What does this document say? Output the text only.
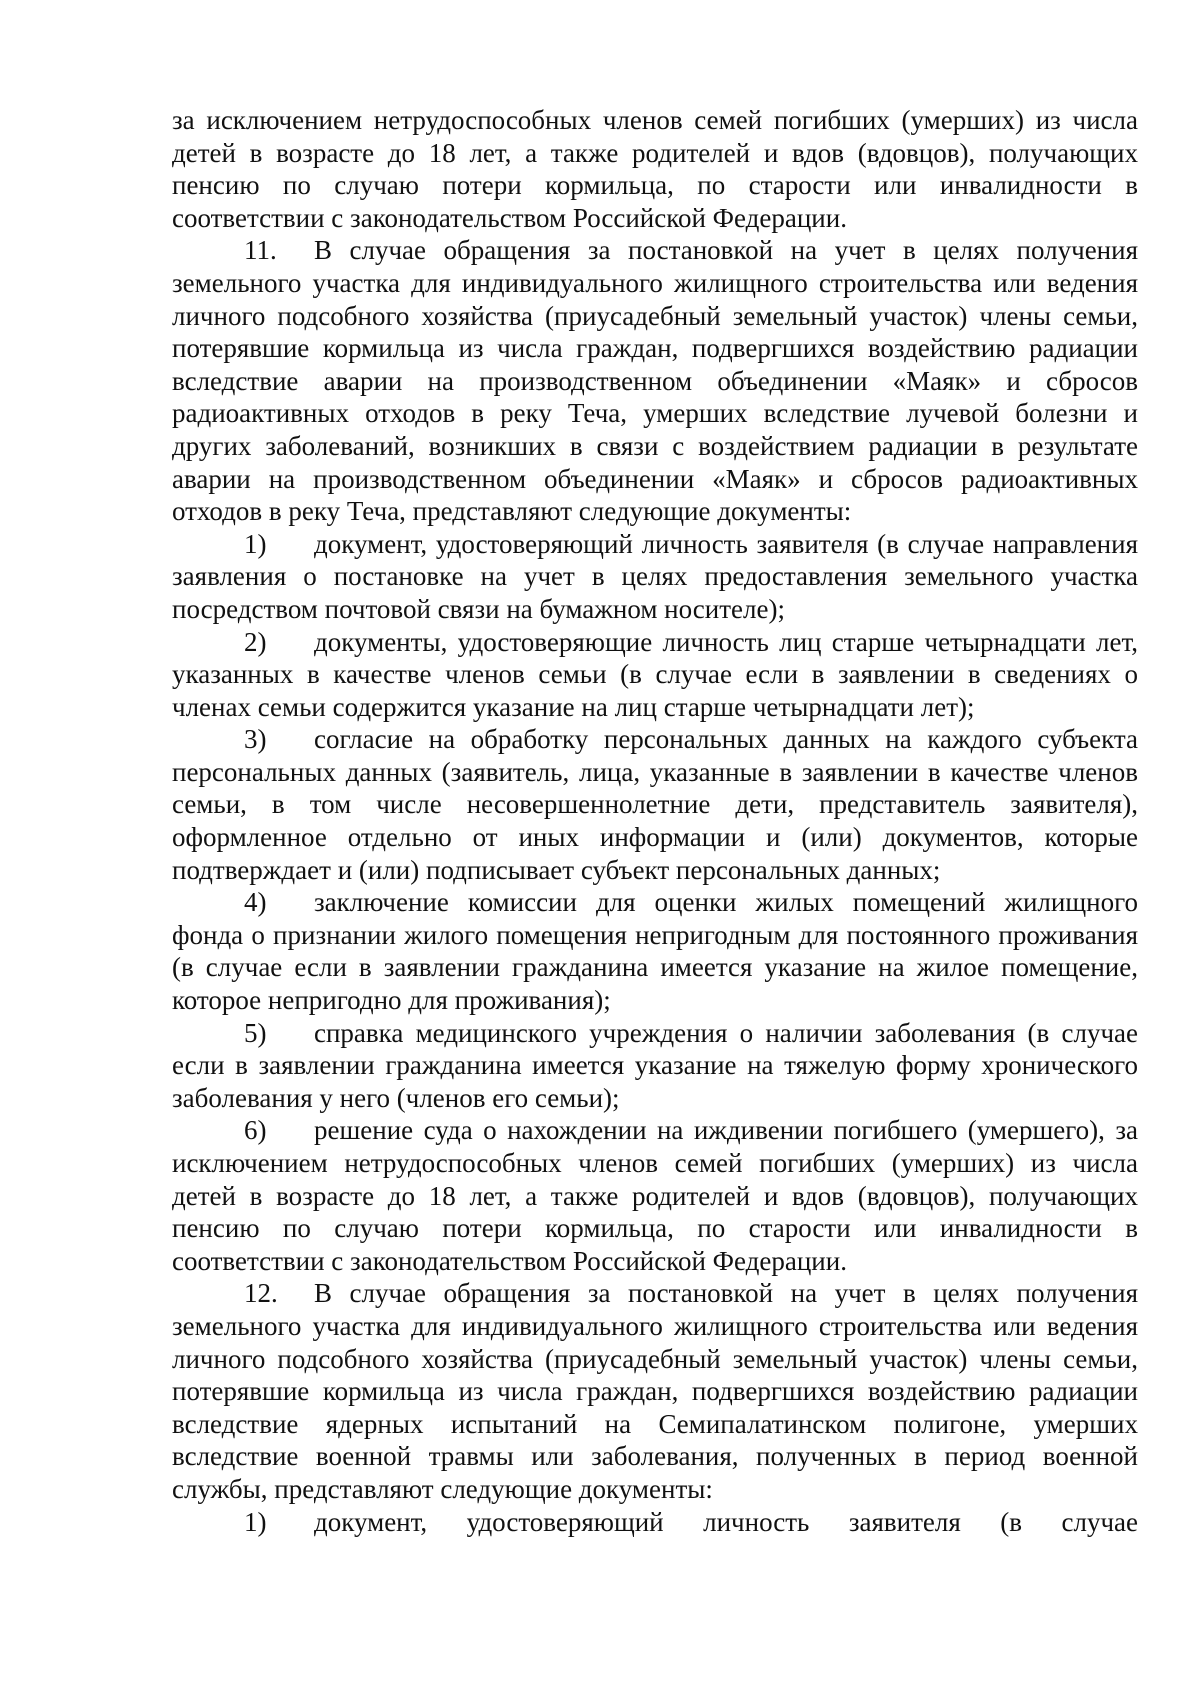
за исключением нетрудоспособных членов семей погибших (умерших) из числа детей в возрасте до 18 лет, а также родителей и вдов (вдовцов), получающих пенсию по случаю потери кормильца, по старости или инвалидности в соответствии с законодательством Российской Федерации.

11. В случае обращения за постановкой на учет в целях получения земельного участка для индивидуального жилищного строительства или ведения личного подсобного хозяйства (приусадебный земельный участок) члены семьи, потерявшие кормильца из числа граждан, подвергшихся воздействию радиации вследствие аварии на производственном объединении «Маяк» и сбросов радиоактивных отходов в реку Теча, умерших вследствие лучевой болезни и других заболеваний, возникших в связи с воздействием радиации в результате аварии на производственном объединении «Маяк» и сбросов радиоактивных отходов в реку Теча, представляют следующие документы:

1) документ, удостоверяющий личность заявителя (в случае направления заявления о постановке на учет в целях предоставления земельного участка посредством почтовой связи на бумажном носителе);

2) документы, удостоверяющие личность лиц старше четырнадцати лет, указанных в качестве членов семьи (в случае если в заявлении в сведениях о членах семьи содержится указание на лиц старше четырнадцати лет);

3) согласие на обработку персональных данных на каждого субъекта персональных данных (заявитель, лица, указанные в заявлении в качестве членов семьи, в том числе несовершеннолетние дети, представитель заявителя), оформленное отдельно от иных информации и (или) документов, которые подтверждает и (или) подписывает субъект персональных данных;

4) заключение комиссии для оценки жилых помещений жилищного фонда о признании жилого помещения непригодным для постоянного проживания (в случае если в заявлении гражданина имеется указание на жилое помещение, которое непригодно для проживания);

5) справка медицинского учреждения о наличии заболевания (в случае если в заявлении гражданина имеется указание на тяжелую форму хронического заболевания у него (членов его семьи);

6) решение суда о нахождении на иждивении погибшего (умершего), за исключением нетрудоспособных членов семей погибших (умерших) из числа детей в возрасте до 18 лет, а также родителей и вдов (вдовцов), получающих пенсию по случаю потери кормильца, по старости или инвалидности в соответствии с законодательством Российской Федерации.

12. В случае обращения за постановкой на учет в целях получения земельного участка для индивидуального жилищного строительства или ведения личного подсобного хозяйства (приусадебный земельный участок) члены семьи, потерявшие кормильца из числа граждан, подвергшихся воздействию радиации вследствие ядерных испытаний на Семипалатинском полигоне, умерших вследствие военной травмы или заболевания, полученных в период военной службы, представляют следующие документы:

1) документ, удостоверяющий личность заявителя (в случае
